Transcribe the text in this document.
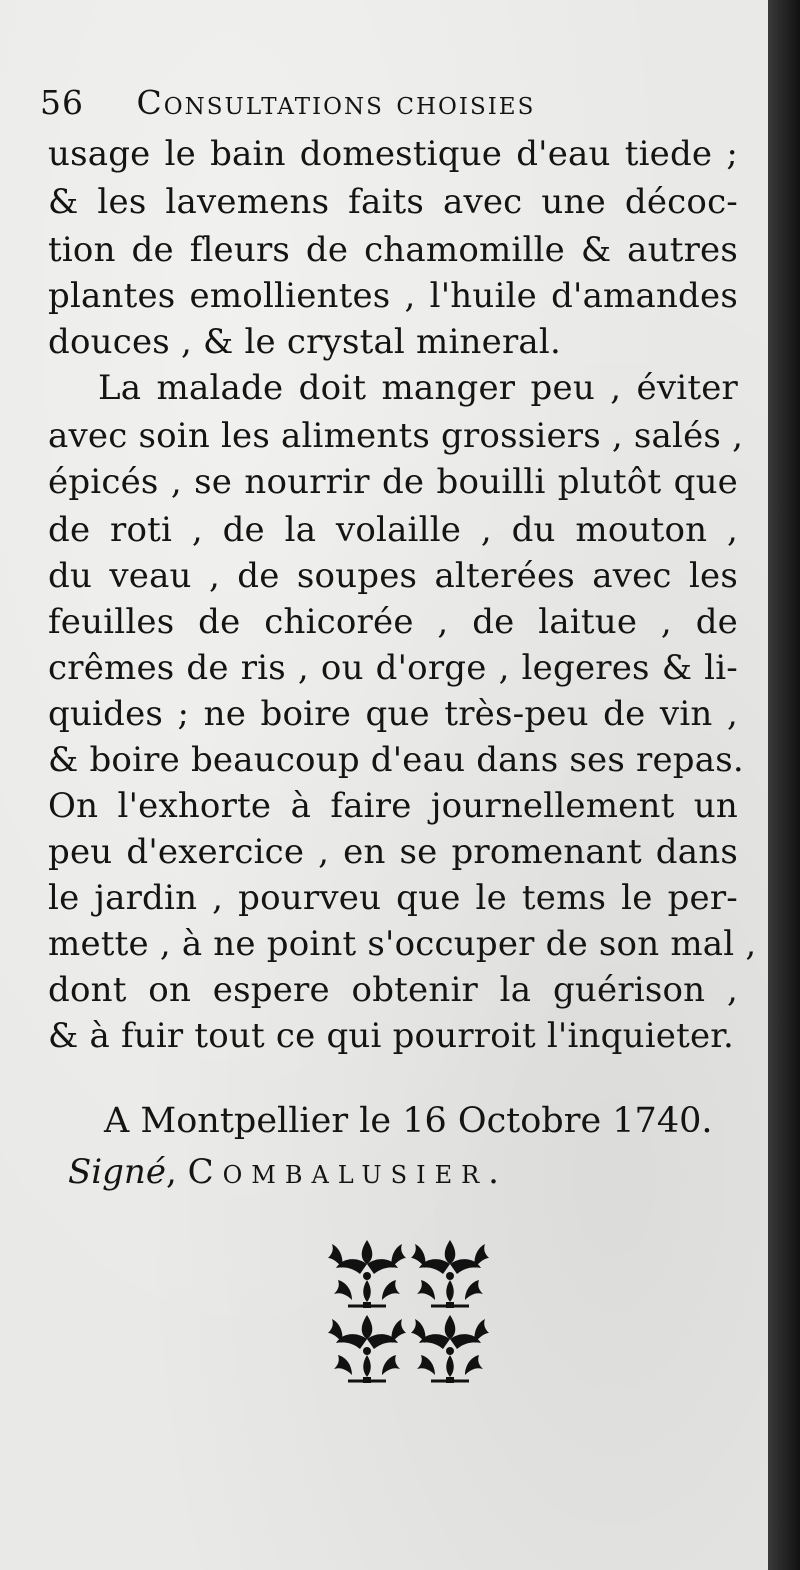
56 Consultations choisies
usage le bain domestique d'eau tiede ;
& les lavemens faits avec une décoc-
tion de fleurs de chamomille & autres
plantes emollientes , l'huile d'amandes
douces , & le crystal mineral.
La malade doit manger peu , éviter
avec soin les aliments grossiers , salés ,
épicés , se nourrir de bouilli plutôt que
de roti , de la volaille , du mouton ,
du veau , de soupes alterées avec les
feuilles de chicorée , de laitue , de
crêmes de ris , ou d'orge , legeres & li-
quides ; ne boire que très-peu de vin ,
& boire beaucoup d'eau dans ses repas.
On l'exhorte à faire journellement un
peu d'exercice , en se promenant dans
le jardin , pourveu que le tems le per-
mette , à ne point s'occuper de son mal ,
dont on espere obtenir la guérison ,
& à fuir tout ce qui pourroit l'inquieter.
A Montpellier le 16 Octobre 1740.
Signé, Combalusier.
